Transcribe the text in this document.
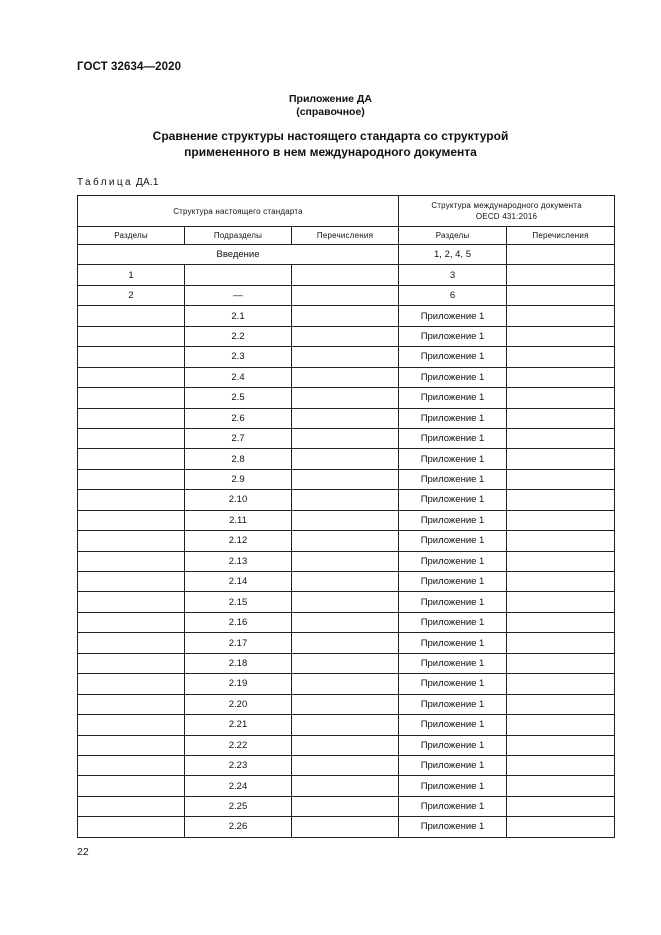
ГОСТ 32634—2020
Приложение ДА
(справочное)
Сравнение структуры настоящего стандарта со структурой
примененного в нем международного документа
Таблица ДА.1
Структура настоящего стандарта			Структура международного документа
OECD 431:2016	

Разделы	Подразделы	Перечисления	Разделы	Перечисления
Введение			1, 2, 4, 5	
1			3	
2	—		6	
	2.1		Приложение 1	
	2.2		Приложение 1	
	2.3		Приложение 1	
	2.4		Приложение 1	
	2.5		Приложение 1	
	2.6		Приложение 1	
	2.7		Приложение 1	
	2.8		Приложение 1	
	2.9		Приложение 1	
	2.10		Приложение 1	
	2.11		Приложение 1	
	2.12		Приложение 1	
	2.13		Приложение 1	
	2.14		Приложение 1	
	2.15		Приложение 1	
	2.16		Приложение 1	
	2.17		Приложение 1	
	2.18		Приложение 1	
	2.19		Приложение 1	
	2.20		Приложение 1	
	2.21		Приложение 1	
	2.22		Приложение 1	
	2.23		Приложение 1	
	2.24		Приложение 1	
	2.25		Приложение 1	
	2.26		Приложение 1	
22
